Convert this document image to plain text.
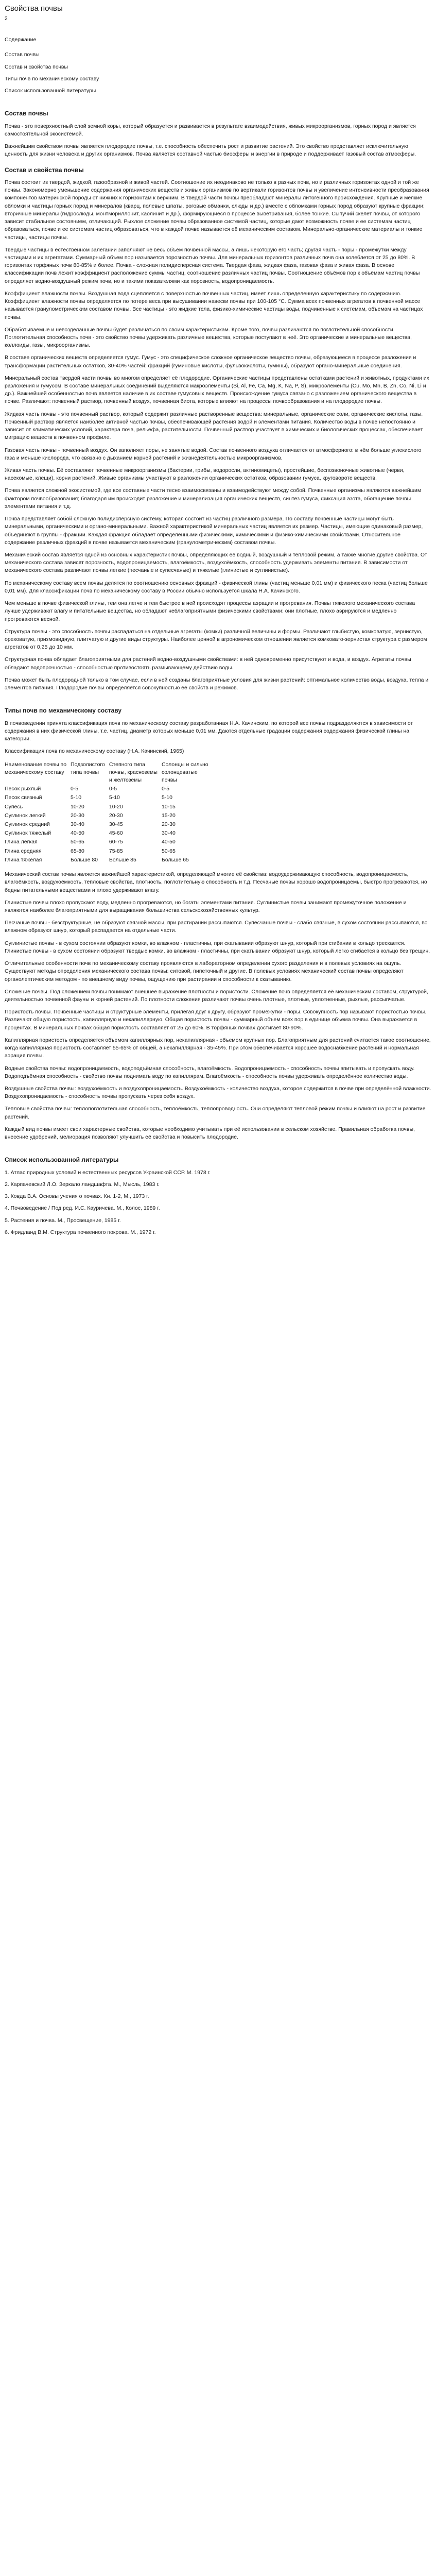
Свойства почвы
2
Содержание
Состав почвы
Состав и свойства почвы
Типы почв по механическому составу
Список использованной литературы
Состав почвы

Почва - это поверхностный слой земной коры, который образуется и развивается в результате взаимодействия, живых микроорганизмов, горных пород и является самостоятельной экосистемой.

Важнейшим свойством почвы является плодородие почвы, т.е. способность обеспечить рост и развитие растений. Это свойство представляет исключительную ценность для жизни человека и других организмов. Почва является составной частью биосферы и энергии в природе и поддерживает газовый состав атмосферы.

Состав и свойства почвы

Почва состоит из твердой, жидкой, газообразной и живой частей. Соотношение их неодинаково не только в разных почв, но и различных горизонтах одной и той же почвы. Закономерно уменьшение содержания органических веществ и живых организмов по вертикали горизонтов почвы и увеличение интенсивности преобразования компонентов материнской породы от нижних к горизонтам к верхним. В твердой части почвы преобладают минералы литогенного происхождения. Крупные и мелкие обломки и частицы горных пород и минералов (кварц, полевые шпаты, роговые обманки, слюды и др.) вместе с обломками горных пород образуют крупные фракции; вторичные минералы (гидрослюды, монтмориллонит, каолинит и др.), формирующиеся в процессе выветривания, более тонкие. Сыпучий скелет почвы, от которого зависит стабильное состоянием, отличающий. Рыхлое сложение почвы образованное системой частиц, которые дают возможность почве и ее системам частиц образоваться, почве и ее системам частиц образоваться, что в каждой почве называется её механическим составом. Минерально-органические материалы и тонкие частицы, частицы почвы.

Твердые частицы в естественном залегании заполняют не весь объем почвенной массы, а лишь некоторую его часть; другая часть - поры - промежутки между частицами и их агрегатами. Суммарный объем пор называется порозностью почвы. Для минеральных горизонтов различных почв она колеблется от 25 до 80%. В горизонтах торфяных почв 80-85% и более. Почва - сложная полидисперсная система. Твердая фаза, жидкая фаза, газовая фаза и живая фаза. В основе классификации почв лежит коэффициент расположение суммы частиц, соотношение различных частиц почвы. Соотношение объёмов пор к объёмам частиц почвы определяет водно-воздушный режим почв, но и такими показателями как порозность, водопроницаемость.

Коэффициент влажности почвы. Воздушная вода сцепляется с поверхностью почвенных частиц, имеет лишь определенную характеристику по содержанию. Коэффициент влажности почвы определяется по потере веса при высушивании навески почвы при 100-105 °С. Сумма всех почвенных агрегатов в почвенной массе называется гранулометрическим составом почвы. Все частицы - это жидкие тела, физико-химические частицы воды, подчиненные к системам, объемам на частицах почвы.

Обработываемые и невозделанные почвы будет различаться по своим характеристикам. Кроме того, почвы различаются по поглотительной способности. Поглотительная способность почв - это свойство почвы удерживать различные вещества, которые поступают в неё. Это органические и минеральные вещества, коллоиды, газы, микроорганизмы.

В составе органических веществ определяется гумус. Гумус - это специфическое сложное органическое вещество почвы, образующееся в процессе разложения и трансформации растительных остатков, 30-40% частей: фракций (гуминовые кислоты, фульвокислоты, гумины), образуют органо-минеральные соединения.

Минеральный состав твердой части почвы во многом определяет её плодородие. Органические частицы представлены остатками растений и животных, продуктами их разложения и гумусом. В составе минеральных соединений выделяются макроэлементы (Si, Al, Fe, Ca, Mg, K, Na, P, S), микроэлементы (Cu, Mo, Mn, B, Zn, Co, Ni, Li и др.). Важнейшей особенностью почв является наличие в их составе гумусовых веществ. Происхождение гумуса связано с разложением органического вещества в почве. Различают: почвенный раствор, почвенный воздух, почвенная биота, которые влияют на процессы почвообразования и на плодородие почвы.

Жидкая часть почвы - это почвенный раствор, который содержит различные растворенные вещества: минеральные, органические соли, органические кислоты, газы. Почвенный раствор является наиболее активной частью почвы, обеспечивающей растения водой и элементами питания. Количество воды в почве непостоянно и зависит от климатических условий, характера почв, рельефа, растительности. Почвенный раствор участвует в химических и биологических процессах, обеспечивает миграцию веществ в почвенном профиле.

Газовая часть почвы - почвенный воздух. Он заполняет поры, не занятые водой. Состав почвенного воздуха отличается от атмосферного: в нём больше углекислого газа и меньше кислорода, что связано с дыханием корней растений и жизнедеятельностью микроорганизмов.

Живая часть почвы. Её составляют почвенные микроорганизмы (бактерии, грибы, водоросли, актиномицеты), простейшие, беспозвоночные животные (черви, насекомые, клещи), корни растений. Живые организмы участвуют в разложении органических остатков, образовании гумуса, круговороте веществ.

Почва является сложной экосистемой, где все составные части тесно взаимосвязаны и взаимодействуют между собой. Почвенные организмы являются важнейшим фактором почвообразования; благодаря им происходит разложение и минерализация органических веществ, синтез гумуса, фиксация азота, обогащение почвы элементами питания и т.д.

Почва представляет собой сложную полидисперсную систему, которая состоит из частиц различного размера. По составу почвенные частицы могут быть минеральными, органическими и органо-минеральными. Важной характеристикой минеральных частиц является их размер. Частицы, имеющие одинаковый размер, объединяют в группы - фракции. Каждая фракция обладает определенными физическими, химическими и физико-химическими свойствами. Относительное содержание различных фракций в почве называется механическим (гранулометрическим) составом почвы.

Механический состав является одной из основных характеристик почвы, определяющих её водный, воздушный и тепловой режим, а также многие другие свойства. От механического состава зависят порозность, водопроницаемость, влагоёмкость, воздухоёмкость, способность удерживать элементы питания. В зависимости от механического состава различают почвы легкие (песчаные и супесчаные) и тяжелые (глинистые и суглинистые).

По механическому составу всем почвы делятся по соотношению основных фракций - физической глины (частиц меньше 0,01 мм) и физического песка (частиц больше 0,01 мм). Для классификации почв по механическому составу в России обычно используется шкала Н.А. Качинского.

Чем меньше в почве физической глины, тем она легче и тем быстрее в ней происходят процессы аэрации и прогревания. Почвы тяжелого механического состава лучше удерживают влагу и питательные вещества, но обладают неблагоприятными физическими свойствами: они плотные, плохо аэрируются и медленно прогреваются весной.

Структура почвы - это способность почвы распадаться на отдельные агрегаты (комки) различной величины и формы. Различают глыбистую, комковатую, зернистую, ореховатую, призмовидную, плитчатую и другие виды структуры. Наиболее ценной в агрономическом отношении является комковато-зернистая структура с размером агрегатов от 0,25 до 10 мм.

Структурная почва обладает благоприятными для растений водно-воздушными свойствами: в ней одновременно присутствуют и вода, и воздух. Агрегаты почвы обладают водопрочностью - способностью противостоять размывающему действию воды.

Почва может быть плодородной только в том случае, если в ней созданы благоприятные условия для жизни растений: оптимальное количество воды, воздуха, тепла и элементов питания. Плодородие почвы определяется совокупностью её свойств и режимов.

Типы почв по механическому составу

В почвоведении принята классификация почв по механическому составу разработанная Н.А. Качинским, по которой все почвы подразделяются в зависимости от содержания в них физической глины, т.е. частиц, диаметр которых меньше 0,01 мм. Даются отдельные градации содержания содержания физической глины на категории.

Классификация почв по механическому составу (Н.А. Качинский, 1965)

Наименование почвы по
механическому составу	Подзолистого
типа почвы	Степного типа
почвы, красноземы
и желтоземы	Солонцы и сильно
солонцеватые
почвы
Песок рыхлый	0-5	0-5	0-5
Песок связный	5-10	5-10	5-10
Супесь	10-20	10-20	10-15
Суглинок легкий	20-30	20-30	15-20
Суглинок средний	30-40	30-45	20-30
Суглинок тяжелый	40-50	45-60	30-40
Глина легкая	50-65	60-75	40-50
Глина средняя	65-80	75-85	50-65
Глина тяжелая	Больше 80	Больше 85	Больше 65

Механический состав почвы является важнейшей характеристикой, определяющей многие её свойства: водоудерживающую способность, водопроницаемость, влагоёмкость, воздухоёмкость, тепловые свойства, плотность, поглотительную способность и т.д. Песчаные почвы хорошо водопроницаемы, быстро прогреваются, но бедны питательными веществами и плохо удерживают влагу.

Глинистые почвы плохо пропускают воду, медленно прогреваются, но богаты элементами питания. Суглинистые почвы занимают промежуточное положение и являются наиболее благоприятными для выращивания большинства сельскохозяйственных культур.

Песчаные почвы - безструктурные, не образуют связной массы, при растирании рассыпаются. Супесчаные почвы - слабо связные, в сухом состоянии рассыпаются, во влажном образуют шнур, который распадается на отдельные части.

Суглинистые почвы - в сухом состоянии образуют комки, во влажном - пластичны, при скатывании образуют шнур, который при сгибании в кольцо трескается. Глинистые почвы - в сухом состоянии образуют твердые комки, во влажном - пластичны, при скатывании образуют шнур, который легко сгибается в кольцо без трещин.

Отличительные особенности почв по механическому составу проявляются в лабораторном определении сухого разделения и в полевых условиях на ощупь. Существуют методы определения механического состава почвы: ситовой, пипеточный и другие. В полевых условиях механический состав почвы определяют органолептическим методом - по внешнему виду почвы, ощущению при растирании и способности к скатыванию.

Сложение почвы. Под сложением почвы понимают внешнее выражение плотности и пористости. Сложение почв определяется её механическим составом, структурой, деятельностью почвенной фауны и корней растений. По плотности сложения различают почвы очень плотные, плотные, уплотненные, рыхлые, рассыпчатые.

Пористость почвы. Почвенные частицы и структурные элементы, прилегая друг к другу, образуют промежутки - поры. Совокупность пор называют пористостью почвы. Различают общую пористость, капиллярную и некапиллярную. Общая пористость почвы - суммарный объем всех пор в единице объема почвы. Она выражается в процентах. В минеральных почвах общая пористость составляет от 25 до 60%. В торфяных почвах достигает 80-90%.

Капиллярная пористость определяется объемом капиллярных пор, некапиллярная - объемом крупных пор. Благоприятным для растений считается такое соотношение, когда капиллярная пористость составляет 55-65% от общей, а некапиллярная - 35-45%. При этом обеспечивается хорошее водоснабжение растений и нормальная аэрация почвы.

Водные свойства почвы: водопроницаемость, водоподъёмная способность, влагоёмкость. Водопроницаемость - способность почвы впитывать и пропускать воду. Водоподъёмная способность - свойство почвы поднимать воду по капиллярам. Влагоёмкость - способность почвы удерживать определённое количество воды.

Воздушные свойства почвы: воздухоёмкость и воздухопроницаемость. Воздухоёмкость - количество воздуха, которое содержится в почве при определённой влажности. Воздухопроницаемость - способность почвы пропускать через себя воздух.

Тепловые свойства почвы: теплопоглотительная способность, теплоёмкость, теплопроводность. Они определяют тепловой режим почвы и влияют на рост и развитие растений.

Каждый вид почвы имеет свои характерные свойства, которые необходимо учитывать при её использовании в сельском хозяйстве. Правильная обработка почвы, внесение удобрений, мелиорация позволяют улучшить её свойства и повысить плодородие.

Список использованной литературы
1. Атлас природных условий и естественных ресурсов Украинской ССР. М. 1978 г.
2. Карпачевский Л.О. Зеркало ландшафта. М., Мысль, 1983 г.
3. Ковда В.А. Основы учения о почвах. Кн. 1-2, М., 1973 г.
4. Почвоведение / Под ред. И.С. Кауричева. М., Колос, 1989 г.
5. Растения и почва. М., Просвещение, 1985 г.
6. Фридланд В.М. Структура почвенного покрова. М., 1972 г.
